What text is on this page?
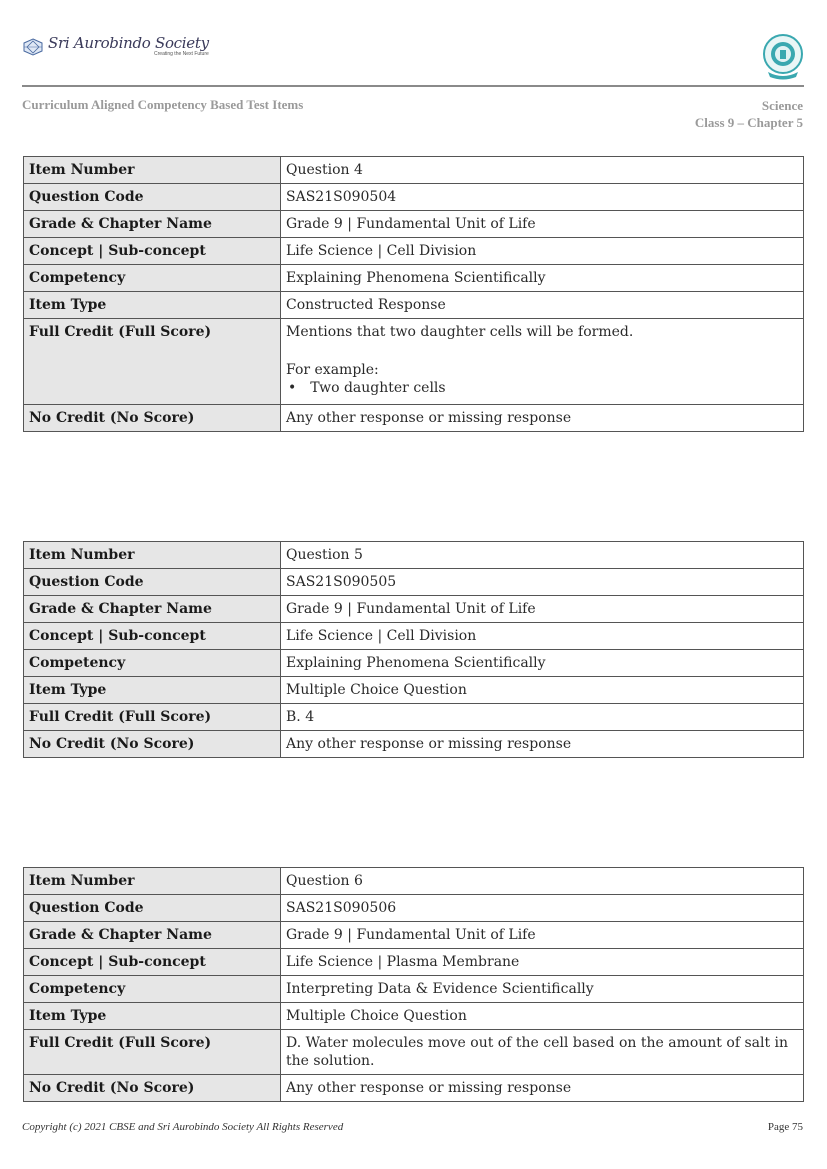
Sri Aurobindo Society
Creating the Next Future
Curriculum Aligned Competency Based Test Items	Science
Class 9 – Chapter 5
Item Number	Question 4
Question Code	SAS21S090504
Grade & Chapter Name	Grade 9 | Fundamental Unit of Life
Concept | Sub-concept	Life Science | Cell Division
Competency	Explaining Phenomena Scientifically
Item Type	Constructed Response
Full Credit (Full Score)	Mentions that two daughter cells will be formed.
For example:
• Two daughter cells

No Credit (No Score)	Any other response or missing response
Item Number	Question 5
Question Code	SAS21S090505
Grade & Chapter Name	Grade 9 | Fundamental Unit of Life
Concept | Sub-concept	Life Science | Cell Division
Competency	Explaining Phenomena Scientifically
Item Type	Multiple Choice Question
Full Credit (Full Score)	B. 4
No Credit (No Score)	Any other response or missing response
Item Number	Question 6
Question Code	SAS21S090506
Grade & Chapter Name	Grade 9 | Fundamental Unit of Life
Concept | Sub-concept	Life Science | Plasma Membrane
Competency	Interpreting Data & Evidence Scientifically
Item Type	Multiple Choice Question
Full Credit (Full Score)	D. Water molecules move out of the cell based on the amount of salt in the solution.
No Credit (No Score)	Any other response or missing response
Copyright (c) 2021 CBSE and Sri Aurobindo Society All Rights Reserved	Page 75
